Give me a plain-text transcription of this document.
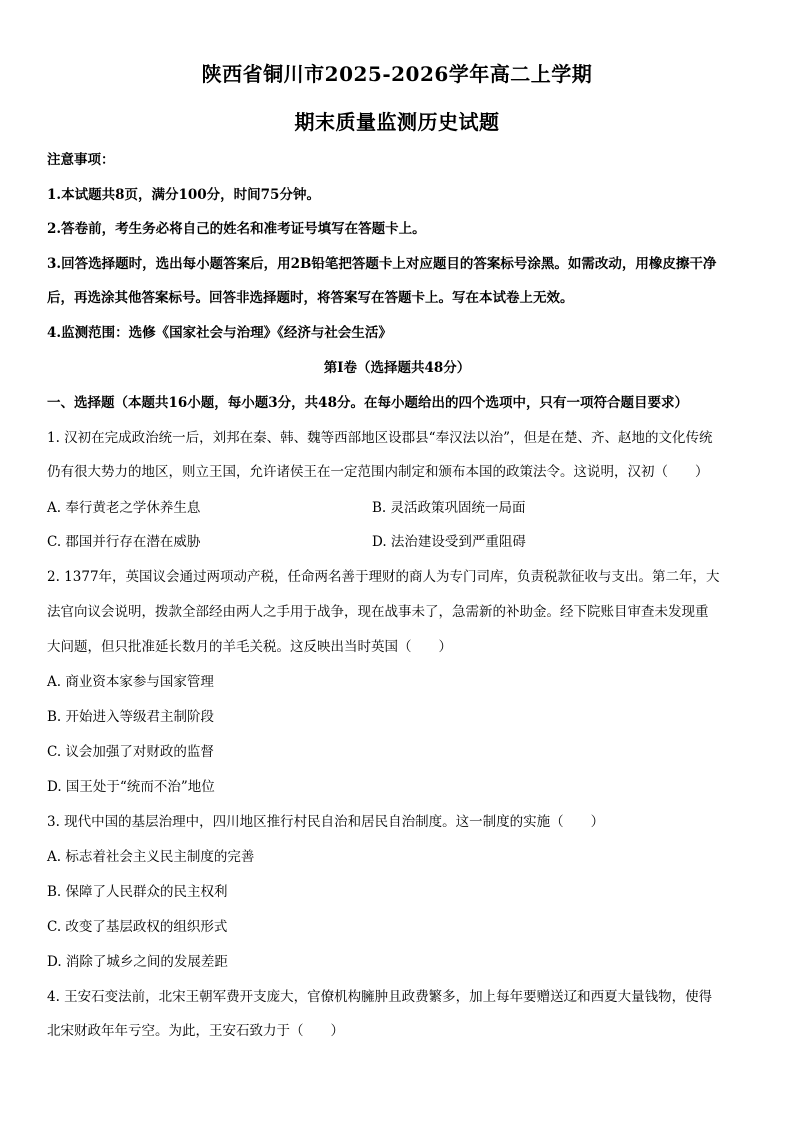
陕西省铜川市2025-2026学年高二上学期
期末质量监测历史试题
注意事项：
1.本试题共8页，满分100分，时间75分钟。
2.答卷前，考生务必将自己的姓名和准考证号填写在答题卡上。
3.回答选择题时，选出每小题答案后，用2B铅笔把答题卡上对应题目的答案标号涂黑。如需改动，用橡皮擦干净
后，再选涂其他答案标号。回答非选择题时，将答案写在答题卡上。写在本试卷上无效。
4.监测范围：选修《国家社会与治理》《经济与社会生活》
第Ⅰ卷（选择题共48分）
一、选择题（本题共16小题，每小题3分，共48分。在每小题给出的四个选项中，只有一项符合题目要求）
1. 汉初在完成政治统一后，刘邦在秦、韩、魏等西部地区设郡县“奉汉法以治”，但是在楚、齐、赵地的文化传统
仍有很大势力的地区，则立王国，允许诸侯王在一定范围内制定和颁布本国的政策法令。这说明，汉初（　　）
A. 奉行黄老之学休养生息	B. 灵活政策巩固统一局面
C. 郡国并行存在潜在威胁	D. 法治建设受到严重阻碍
2. 1377年，英国议会通过两项动产税，任命两名善于理财的商人为专门司库，负责税款征收与支出。第二年，大
法官向议会说明，拨款全部经由两人之手用于战争，现在战事未了，急需新的补助金。经下院账目审查未发现重
大问题，但只批准延长数月的羊毛关税。这反映出当时英国（　　）
A. 商业资本家参与国家管理
B. 开始进入等级君主制阶段
C. 议会加强了对财政的监督
D. 国王处于“统而不治”地位
3. 现代中国的基层治理中，四川地区推行村民自治和居民自治制度。这一制度的实施（　　）
A. 标志着社会主义民主制度的完善
B. 保障了人民群众的民主权利
C. 改变了基层政权的组织形式
D. 消除了城乡之间的发展差距
4. 王安石变法前，北宋王朝军费开支庞大，官僚机构臃肿且政费繁多，加上每年要赠送辽和西夏大量钱物，使得
北宋财政年年亏空。为此，王安石致力于（　　）
